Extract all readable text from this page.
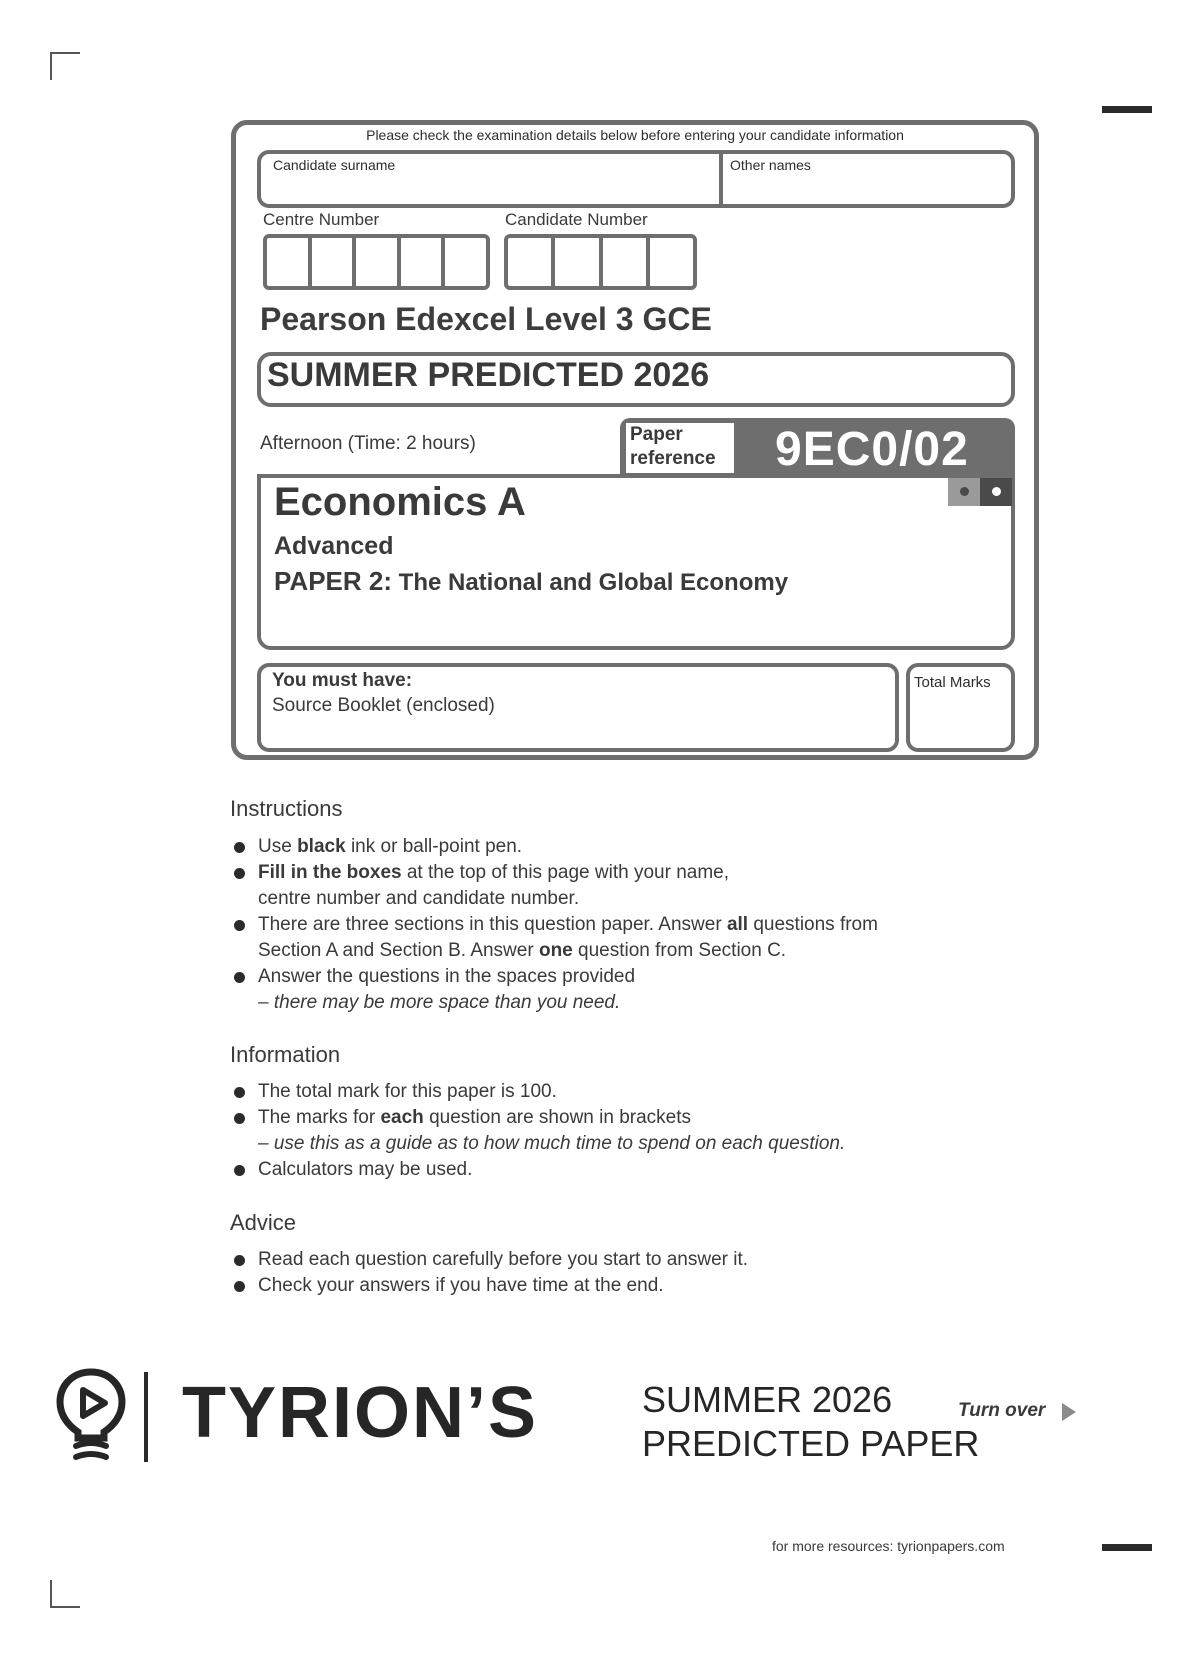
Please check the examination details below before entering your candidate information
Candidate surname	Other names
Centre Number	Candidate Number
Pearson Edexcel Level 3 GCE
SUMMER PREDICTED 2026
Afternoon (Time: 2 hours)	Paper
reference	9EC0/02
Economics A
Advanced
PAPER 2: The National and Global Economy
You must have:
Source Booklet (enclosed)
Total Marks
Instructions
Use black ink or ball-point pen.
Fill in the boxes at the top of this page with your name,
centre number and candidate number.
There are three sections in this question paper. Answer all questions from
Section A and Section B. Answer one question from Section C.
Answer the questions in the spaces provided
– there may be more space than you need.
Information
The total mark for this paper is 100.
The marks for each question are shown in brackets
– use this as a guide as to how much time to spend on each question.
Calculators may be used.
Advice
Read each question carefully before you start to answer it.
Check your answers if you have time at the end.
TYRION’S	SUMMER 2026
PREDICTED PAPER
Turn over
for more resources: tyrionpapers.com
